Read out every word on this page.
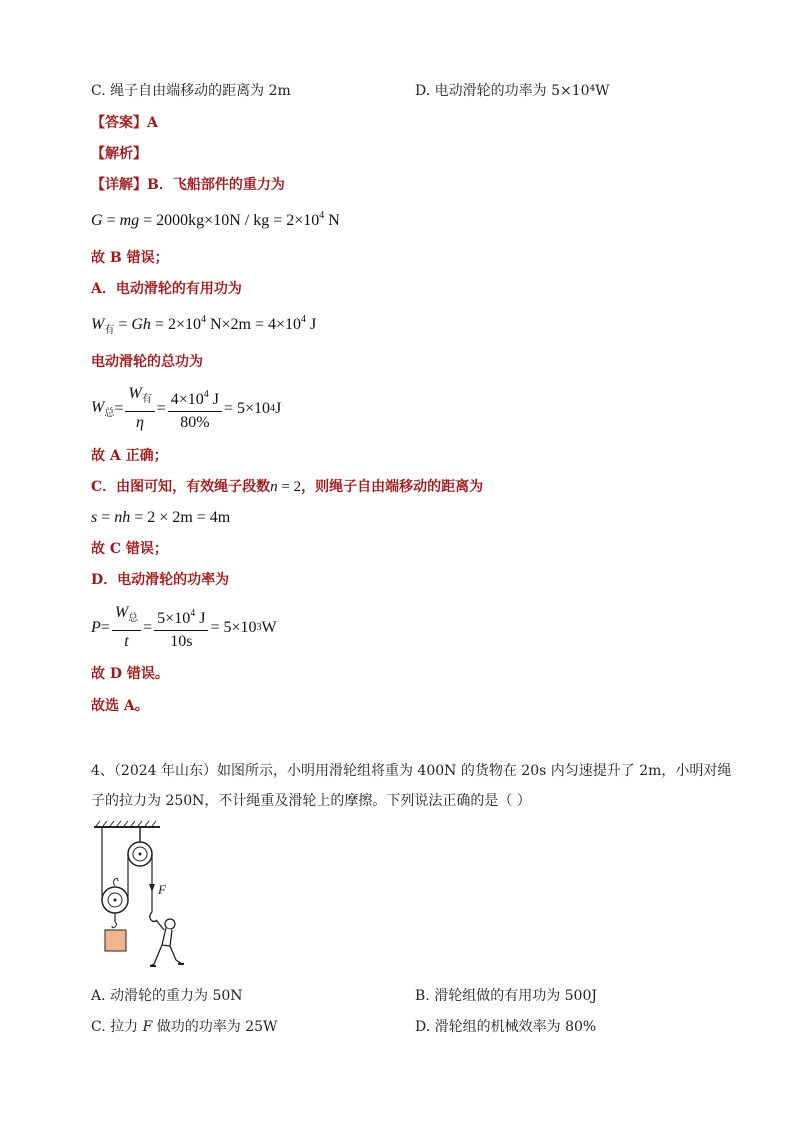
C. 绳子自由端移动的距离为 2m	D. 电动滑轮的功率为 5×10⁴W
【答案】A
【解析】
【详解】B．飞船部件的重力为
G = mg = 2000kg×10N / kg = $2\times 10^4$ N
故 B 错误；
A．电动滑轮的有用功为
$W_有 = Gh = 2\times 10^4$ $N\times 2m = 4\times 10^4$ J
电动滑轮的总功为
$W_总 = \frac{W_有}{\eta} = \frac{4\times 10^4 J}{80\%} = 5\times 10$ 4 J
故 A 正确；
C．由图可知，有效绳子段数n = 2，则绳子自由端移动的距离为
s = nh = 2 × 2m = 4m
故 C 错误；
D．电动滑轮的功率为
$P = \frac{W_总}{t} = \frac{5\times 10^4 J}{10s} = 5\times 10$ 3 W
故 D 错误。
故选 A。
4、（2024 年山东）如图所示，小明用滑轮组将重为 400N 的货物在 20s 内匀速提升了 2m，小明对绳
子的拉力为 250N，不计绳重及滑轮上的摩擦。下列说法正确的是（ ）
F
A. 动滑轮的重力为 50N	B. 滑轮组做的有用功为 500J
C. 拉力 F 做功的功率为 25W	D. 滑轮组的机械效率为 80%
